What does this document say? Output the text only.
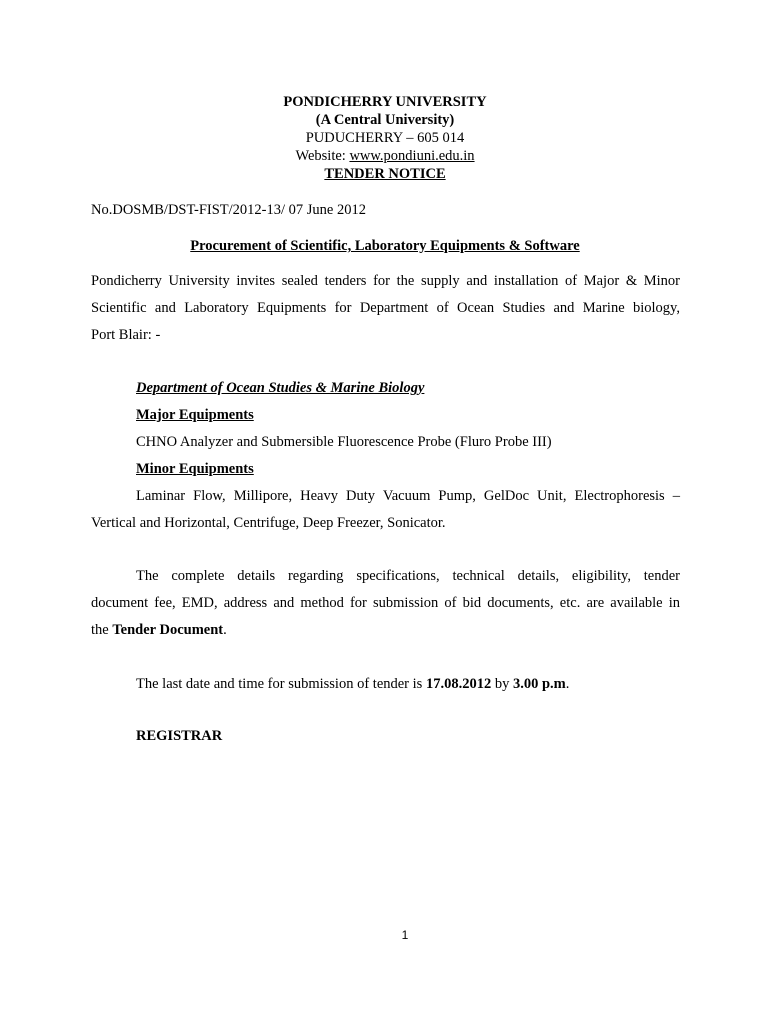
PONDICHERRY UNIVERSITY
(A Central University)
PUDUCHERRY – 605 014
Website: www.pondiuni.edu.in
TENDER NOTICE
No.DOSMB/DST-FIST/2012-13/ 07 June 2012
Procurement of Scientific, Laboratory Equipments & Software
Pondicherry University invites sealed tenders for the supply and installation of Major & Minor
Scientific and Laboratory Equipments for Department of Ocean Studies and Marine biology,
Port Blair: -
Department of Ocean Studies & Marine Biology
Major Equipments
CHNO Analyzer and Submersible Fluorescence Probe (Fluro Probe III)
Minor Equipments
Laminar Flow, Millipore, Heavy Duty Vacuum Pump, GelDoc Unit, Electrophoresis –
Vertical and Horizontal, Centrifuge, Deep Freezer, Sonicator.
The complete details regarding specifications, technical details, eligibility, tender
document fee, EMD, address and method for submission of bid documents, etc. are available in
the Tender Document.
The last date and time for submission of tender is 17.08.2012 by 3.00 p.m.
REGISTRAR
1
